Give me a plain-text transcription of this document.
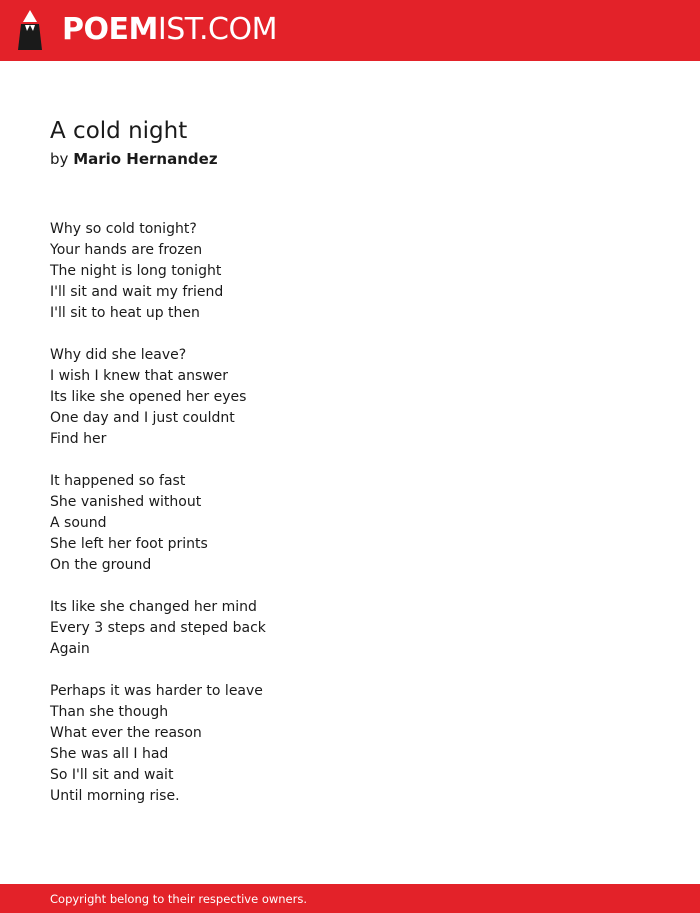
POEMIST.COM
A cold night
by Mario Hernandez
Why so cold tonight?
Your hands are frozen
The night is long tonight
I'll sit and wait my friend
I'll sit to heat up then
Why did she leave?
I wish I knew that answer
Its like she opened her eyes
One day and I just couldnt
Find her
It happened so fast
She vanished without
A sound
She left her foot prints
On the ground
Its like she changed her mind
Every 3 steps and steped back
Again
Perhaps it was harder to leave
Than she though
What ever the reason
She was all I had
So I'll sit and wait
Until morning rise.
Copyright belong to their respective owners.
